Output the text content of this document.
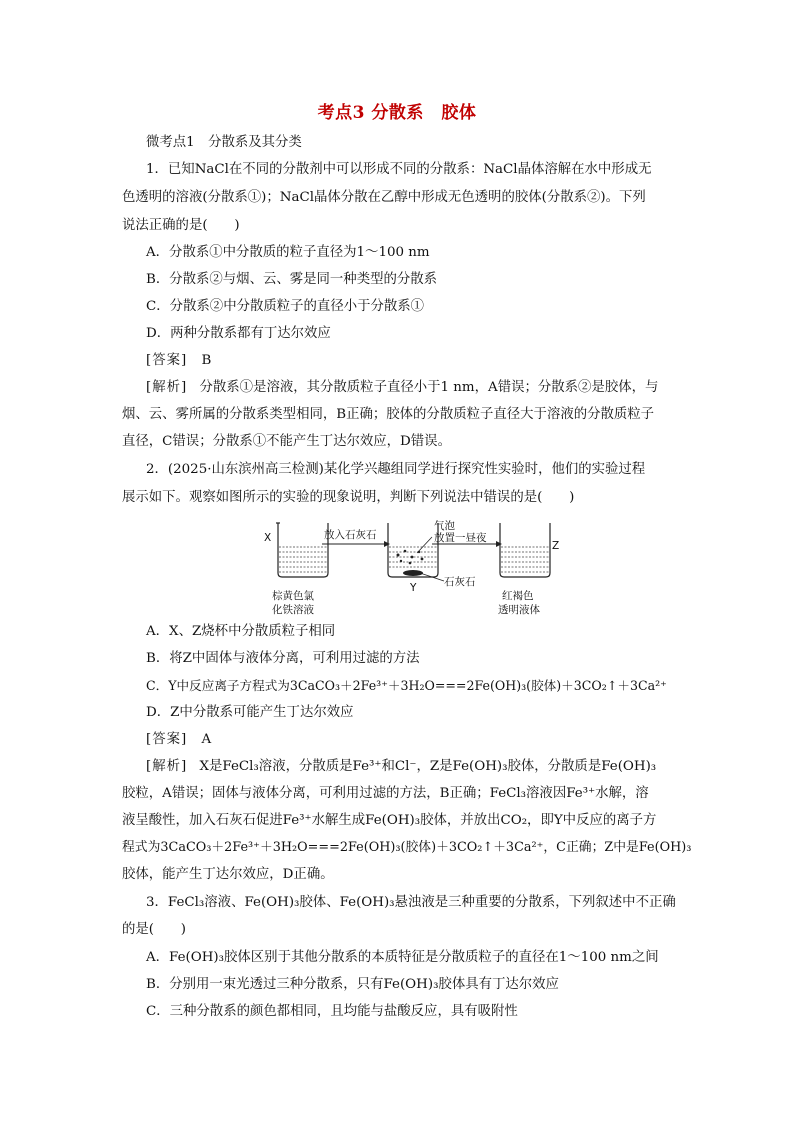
考点3 分散系　胶体
微考点1　分散系及其分类
1．已知NaCl在不同的分散剂中可以形成不同的分散系：NaCl晶体溶解在水中形成无
色透明的溶液(分散系①)；NaCl晶体分散在乙醇中形成无色透明的胶体(分散系②)。下列
说法正确的是(　　)
A．分散系①中分散质的粒子直径为1～100 nm
B．分散系②与烟、云、雾是同一种类型的分散系
C．分散系②中分散质粒子的直径小于分散系①
D．两种分散系都有丁达尔效应
[答案] B
[解析] 分散系①是溶液，其分散质粒子直径小于1 nm，A错误；分散系②是胶体，与
烟、云、雾所属的分散系类型相同，B正确；胶体的分散质粒子直径大于溶液的分散质粒子
直径，C错误；分散系①不能产生丁达尔效应，D错误。
2．(2025·山东滨州高三检测)某化学兴趣组同学进行探究性实验时，他们的实验过程
展示如下。观察如图所示的实验的现象说明，判断下列说法中错误的是(　　)
X	放入石灰石
气泡
Y	石灰石
放置一昼夜
Z
棕黄色氯
化铁溶液
红褐色
透明液体
A．X、Z烧杯中分散质粒子相同
B．将Z中固体与液体分离，可利用过滤的方法
C．Y中反应离子方程式为3CaCO₃＋2Fe³⁺＋3H₂O===2Fe(OH)₃(胶体)＋3CO₂↑＋3Ca²⁺
D．Z中分散系可能产生丁达尔效应
[答案] A
[解析] X是FeCl₃溶液，分散质是Fe³⁺和Cl⁻，Z是Fe(OH)₃胶体，分散质是Fe(OH)₃
胶粒，A错误；固体与液体分离，可利用过滤的方法，B正确；FeCl₃溶液因Fe³⁺水解，溶
液呈酸性，加入石灰石促进Fe³⁺水解生成Fe(OH)₃胶体，并放出CO₂，即Y中反应的离子方
程式为3CaCO₃＋2Fe³⁺＋3H₂O===2Fe(OH)₃(胶体)＋3CO₂↑＋3Ca²⁺，C正确；Z中是Fe(OH)₃
胶体，能产生丁达尔效应，D正确。
3．FeCl₃溶液、Fe(OH)₃胶体、Fe(OH)₃悬浊液是三种重要的分散系，下列叙述中不正确
的是(　　)
A．Fe(OH)₃胶体区别于其他分散系的本质特征是分散质粒子的直径在1～100 nm之间
B．分别用一束光透过三种分散系，只有Fe(OH)₃胶体具有丁达尔效应
C．三种分散系的颜色都相同，且均能与盐酸反应，具有吸附性
